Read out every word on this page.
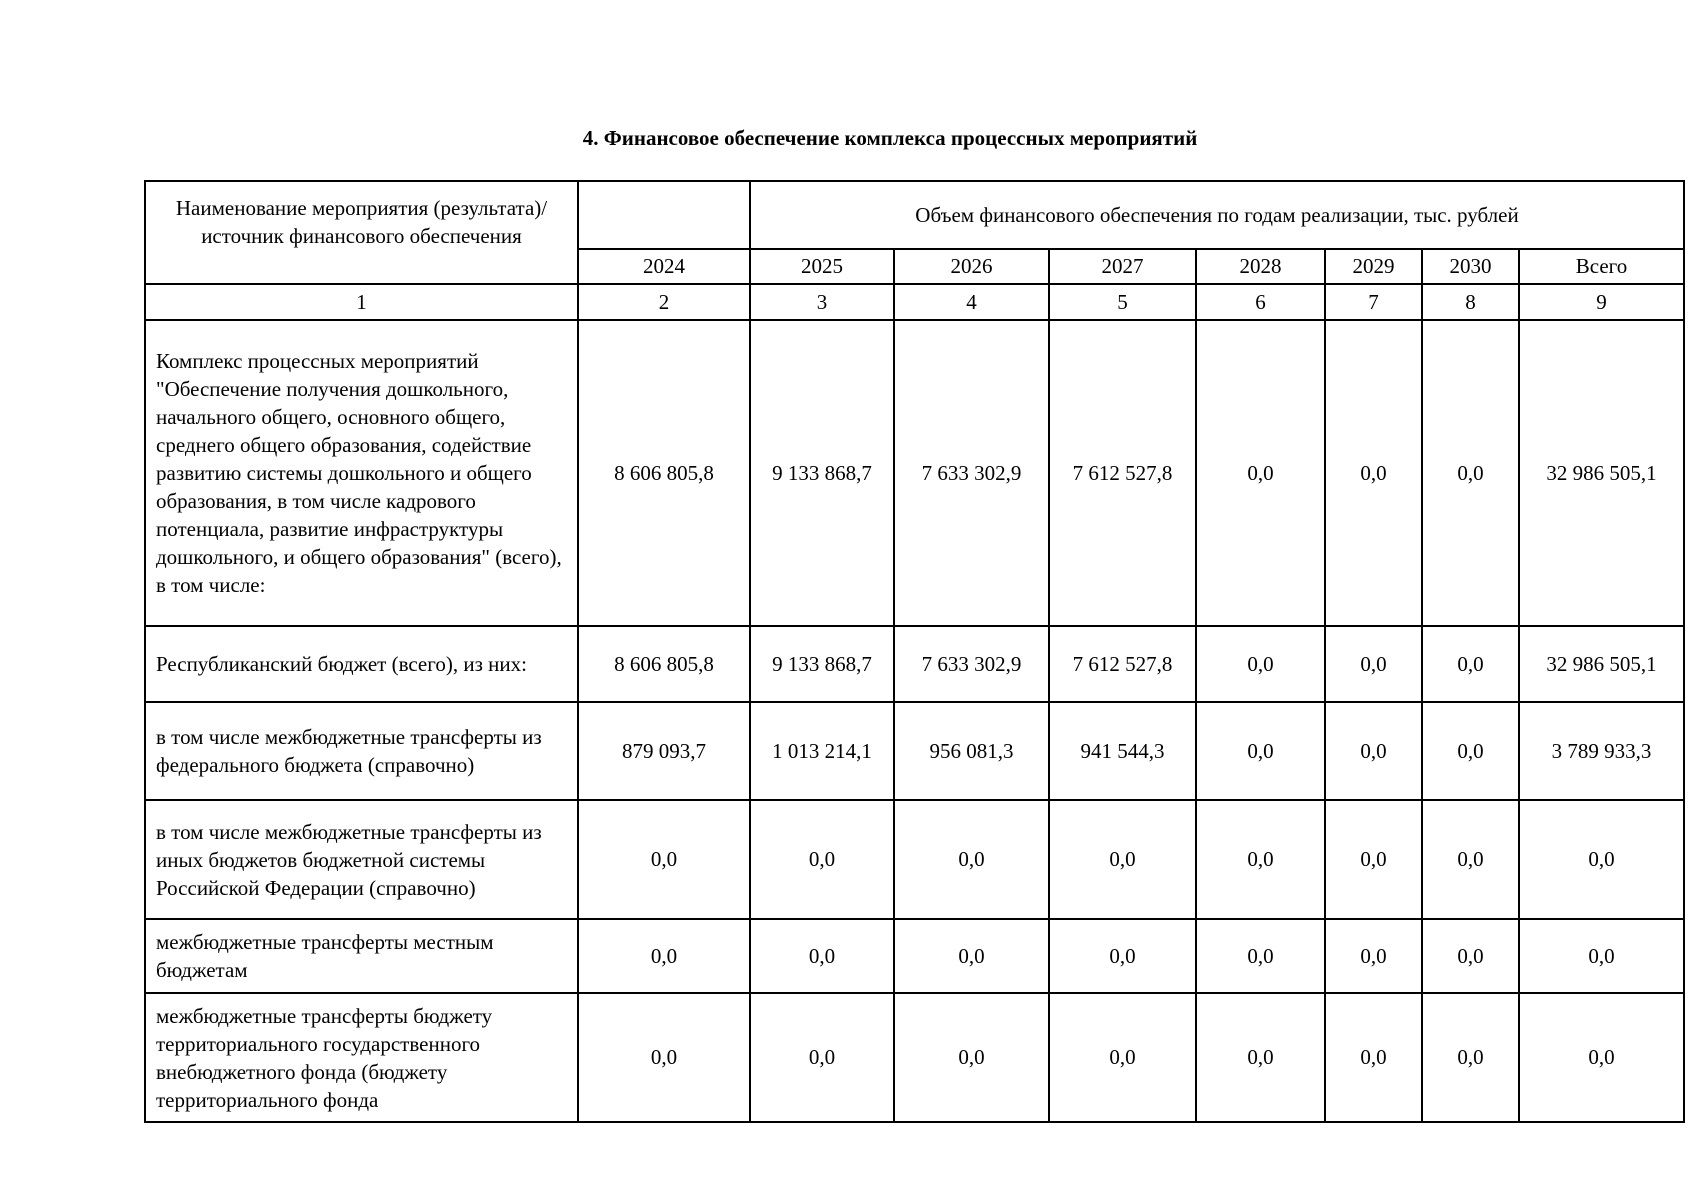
4. Финансовое обеспечение комплекса процессных мероприятий
Наименование мероприятия (результата)/источник финансового обеспечения		Объем финансового обеспечения по годам реализации, тыс. рублей						
	2024	2025	2026	2027	2028	2029	2030	Всего
1	2	3	4	5	6	7	8	9
Комплекс процессных мероприятий "Обеспечение получения дошкольного, начального общего, основного общего, среднего общего образования, содействие развитию системы дошкольного и общего образования, в том числе кадрового потенциала, развитие инфраструктуры дошкольного, и общего образования" (всего), в том числе:	8 606 805,8	9 133 868,7	7 633 302,9	7 612 527,8	0,0	0,0	0,0	32 986 505,1
Республиканский бюджет (всего), из них:	8 606 805,8	9 133 868,7	7 633 302,9	7 612 527,8	0,0	0,0	0,0	32 986 505,1
в том числе межбюджетные трансферты из федерального бюджета (справочно)	879 093,7	1 013 214,1	956 081,3	941 544,3	0,0	0,0	0,0	3 789 933,3
в том числе межбюджетные трансферты из иных бюджетов бюджетной системы Российской Федерации (справочно)	0,0	0,0	0,0	0,0	0,0	0,0	0,0	0,0
межбюджетные трансферты местным бюджетам	0,0	0,0	0,0	0,0	0,0	0,0	0,0	0,0
межбюджетные трансферты бюджету территориального государственного внебюджетного фонда (бюджету территориального фонда	0,0	0,0	0,0	0,0	0,0	0,0	0,0	0,0
